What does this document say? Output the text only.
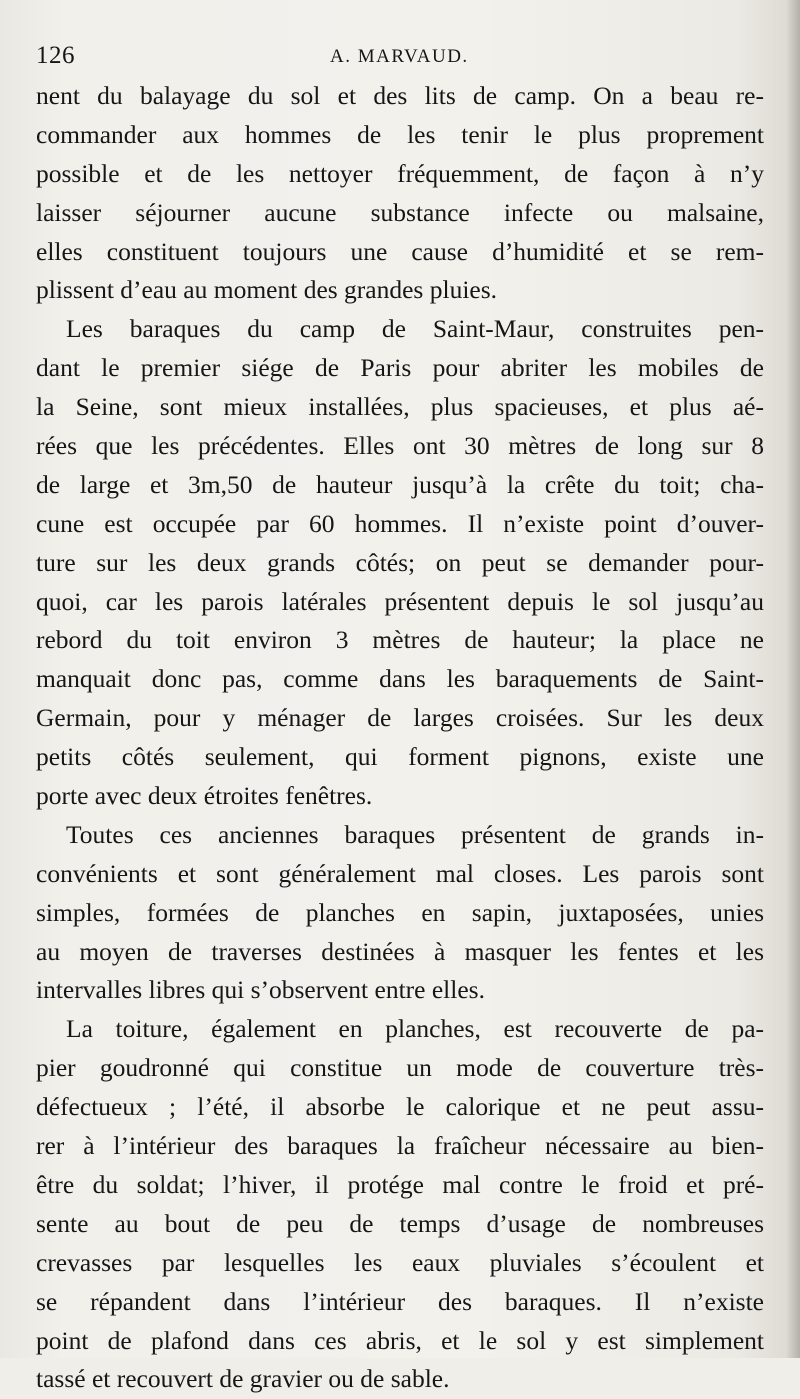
126	A. MARVAUD.
nent du balayage du sol et des lits de camp. On a beau re-
commander aux hommes de les tenir le plus proprement
possible et de les nettoyer fréquemment, de façon à n’y
laisser séjourner aucune substance infecte ou malsaine,
elles constituent toujours une cause d’humidité et se rem-
plissent d’eau au moment des grandes pluies.
Les baraques du camp de Saint-Maur, construites pen-
dant le premier siége de Paris pour abriter les mobiles de
la Seine, sont mieux installées, plus spacieuses, et plus aé-
rées que les précédentes. Elles ont 30 mètres de long sur 8
de large et 3m,50 de hauteur jusqu’à la crête du toit; cha-
cune est occupée par 60 hommes. Il n’existe point d’ouver-
ture sur les deux grands côtés; on peut se demander pour-
quoi, car les parois latérales présentent depuis le sol jusqu’au
rebord du toit environ 3 mètres de hauteur; la place ne
manquait donc pas, comme dans les baraquements de Saint-
Germain, pour y ménager de larges croisées. Sur les deux
petits côtés seulement, qui forment pignons, existe une
porte avec deux étroites fenêtres.
Toutes ces anciennes baraques présentent de grands in-
convénients et sont généralement mal closes. Les parois sont
simples, formées de planches en sapin, juxtaposées, unies
au moyen de traverses destinées à masquer les fentes et les
intervalles libres qui s’observent entre elles.
La toiture, également en planches, est recouverte de pa-
pier goudronné qui constitue un mode de couverture très-
défectueux ; l’été, il absorbe le calorique et ne peut assu-
rer à l’intérieur des baraques la fraîcheur nécessaire au bien-
être du soldat; l’hiver, il protége mal contre le froid et pré-
sente au bout de peu de temps d’usage de nombreuses
crevasses par lesquelles les eaux pluviales s’écoulent et
se répandent dans l’intérieur des baraques. Il n’existe
point de plafond dans ces abris, et le sol y est simplement
tassé et recouvert de gravier ou de sable.
